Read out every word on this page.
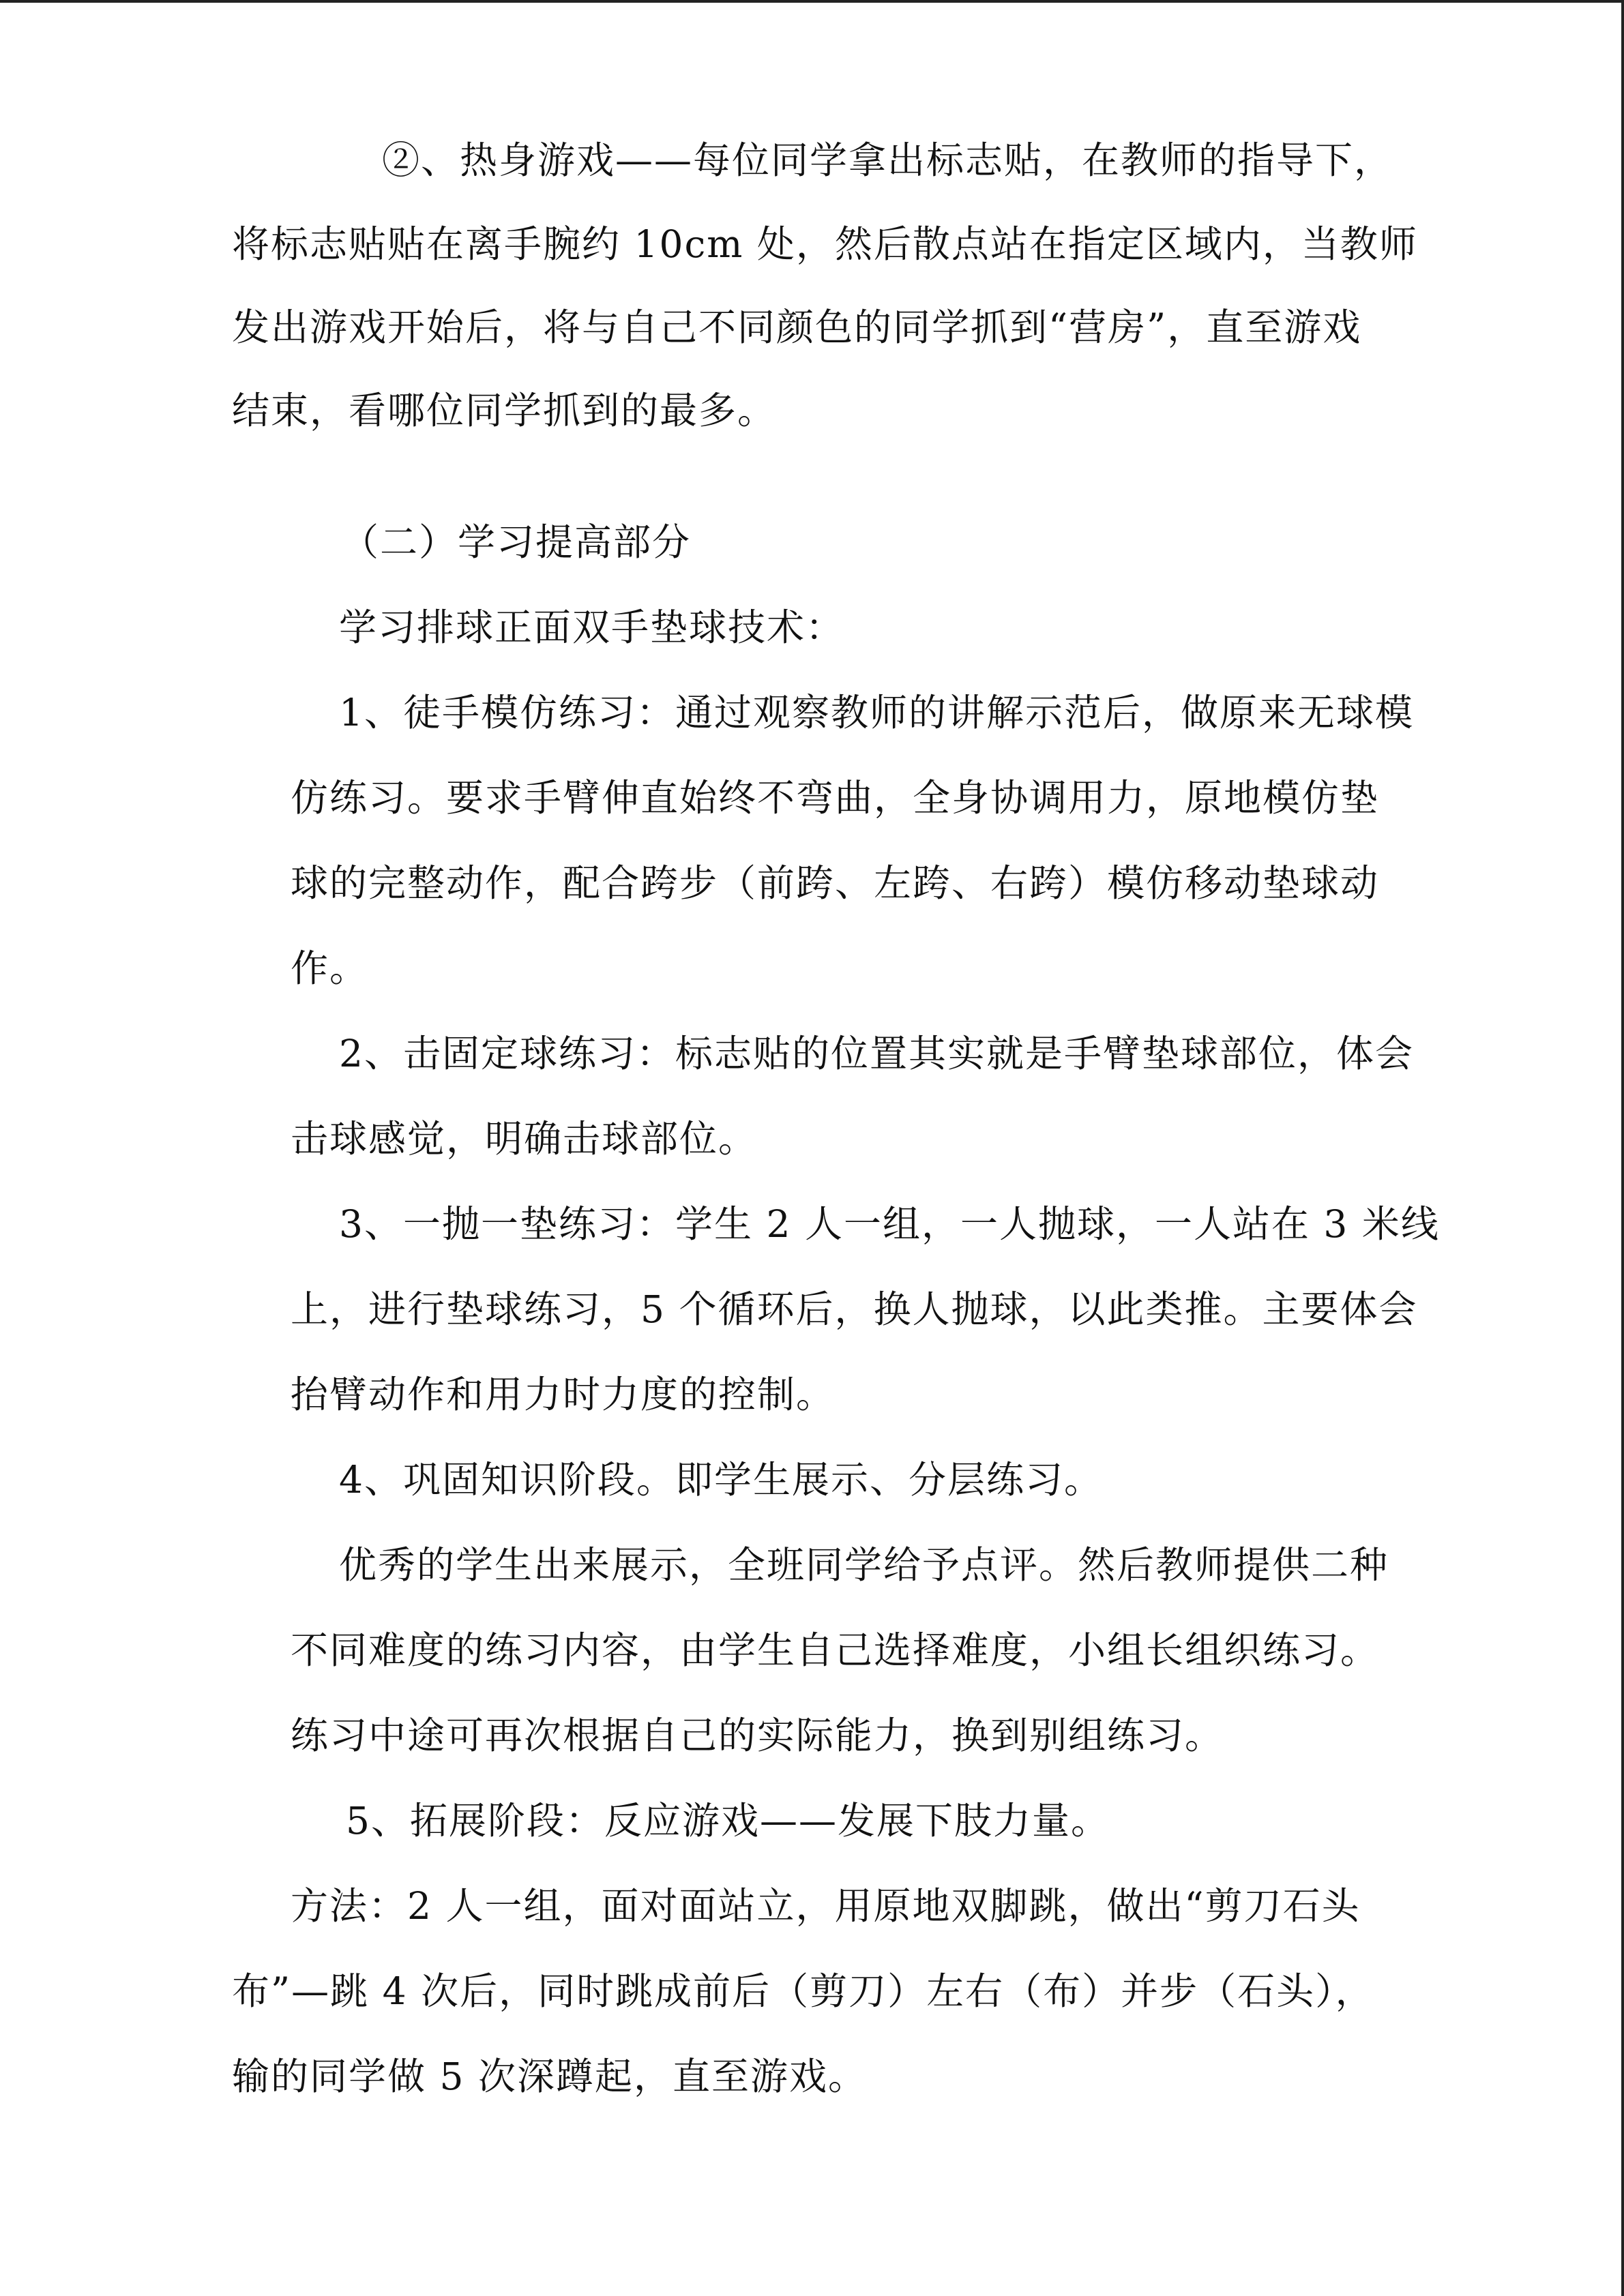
②、热身游戏——每位同学拿出标志贴，在教师的指导下，
将标志贴贴在离手腕约 10cm 处，然后散点站在指定区域内，当教师
发出游戏开始后，将与自己不同颜色的同学抓到“营房”，直至游戏
结束，看哪位同学抓到的最多。
（二）学习提高部分
学习排球正面双手垫球技术：
1、徒手模仿练习：通过观察教师的讲解示范后，做原来无球模
仿练习。要求手臂伸直始终不弯曲，全身协调用力，原地模仿垫
球的完整动作，配合跨步（前跨、左跨、右跨）模仿移动垫球动
作。
2、击固定球练习：标志贴的位置其实就是手臂垫球部位，体会
击球感觉，明确击球部位。
3、一抛一垫练习：学生 2 人一组，一人抛球，一人站在 3 米线
上，进行垫球练习，5 个循环后，换人抛球，以此类推。主要体会
抬臂动作和用力时力度的控制。
4、巩固知识阶段。即学生展示、分层练习。
优秀的学生出来展示，全班同学给予点评。然后教师提供二种
不同难度的练习内容，由学生自己选择难度，小组长组织练习。
练习中途可再次根据自己的实际能力，换到别组练习。
5、拓展阶段：反应游戏——发展下肢力量。
方法：2 人一组，面对面站立，用原地双脚跳，做出“剪刀石头
布”—跳 4 次后，同时跳成前后（剪刀）左右（布）并步（石头），
输的同学做 5 次深蹲起，直至游戏。
